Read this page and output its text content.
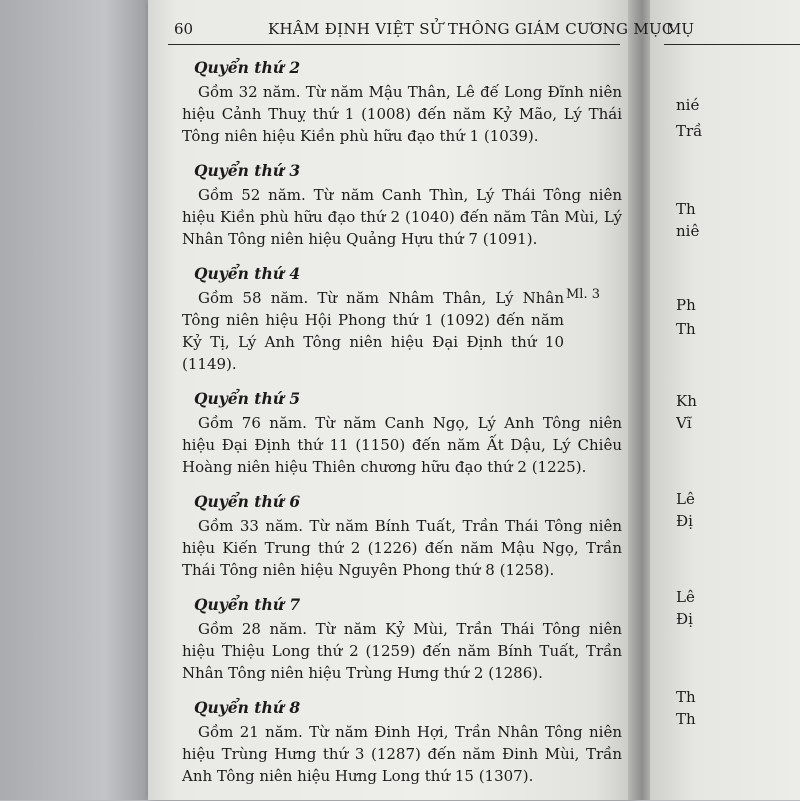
60	KHÂM ĐỊNH VIỆT SỬ THÔNG GIÁM CƯƠNG MỤC
MỤ
Quyển thứ 2

Gồm 32 năm. Từ năm Mậu Thân, Lê đế Long Đĩnh niên hiệu Cảnh Thuỵ thứ 1 (1008) đến năm Kỷ Mão, Lý Thái Tông niên hiệu Kiền phù hữu đạo thứ 1 (1039).

Quyển thứ 3

Gồm 52 năm. Từ năm Canh Thìn, Lý Thái Tông niên hiệu Kiền phù hữu đạo thứ 2 (1040) đến năm Tân Mùi, Lý Nhân Tông niên hiệu Quảng Hựu thứ 7 (1091).

Quyển thứ 4

Gồm 58 năm. Từ năm Nhâm Thân, Lý Nhân Tông niên hiệu Hội Phong thứ 1 (1092) đến năm Kỷ Tị, Lý Anh Tông niên hiệu Đại Định thứ 10 (1149).

Quyển thứ 5

Gồm 76 năm. Từ năm Canh Ngọ, Lý Anh Tông niên hiệu Đại Định thứ 11 (1150) đến năm Ất Dậu, Lý Chiêu Hoàng niên hiệu Thiên chương hữu đạo thứ 2 (1225).

Quyển thứ 6

Gồm 33 năm. Từ năm Bính Tuất, Trần Thái Tông niên hiệu Kiến Trung thứ 2 (1226) đến năm Mậu Ngọ, Trần Thái Tông niên hiệu Nguyên Phong thứ 8 (1258).

Quyển thứ 7

Gồm 28 năm. Từ năm Kỷ Mùi, Trần Thái Tông niên hiệu Thiệu Long thứ 2 (1259) đến năm Bính Tuất, Trần Nhân Tông niên hiệu Trùng Hưng thứ 2 (1286).

Quyển thứ 8

Gồm 21 năm. Từ năm Đinh Hợi, Trần Nhân Tông niên hiệu Trùng Hưng thứ 3 (1287) đến năm Đinh Mùi, Trần Anh Tông niên hiệu Hưng Long thứ 15 (1307).

Ml. 3
nié
Trầ
Th
niê
Ph
Th
Kh
Vĩ
Lê
Đị
Lê
Đị
Th
Th
